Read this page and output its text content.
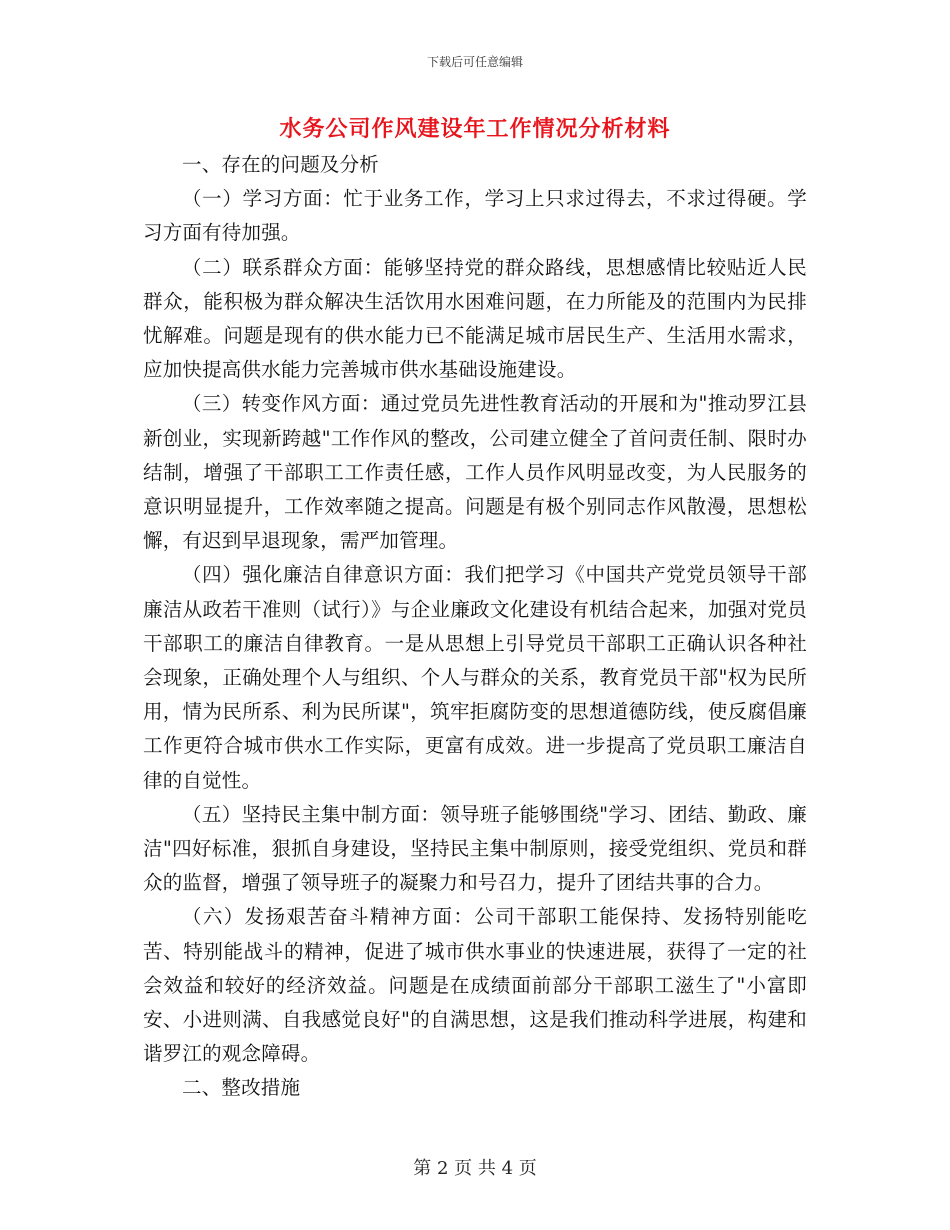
下载后可任意编辑
水务公司作风建设年工作情况分析材料

一、存在的问题及分析

（一）学习方面：忙于业务工作，学习上只求过得去，不求过得硬。学习方面有待加强。

（二）联系群众方面：能够坚持党的群众路线，思想感情比较贴近人民群众，能积极为群众解决生活饮用水困难问题，在力所能及的范围内为民排忧解难。问题是现有的供水能力已不能满足城市居民生产、生活用水需求，应加快提高供水能力完善城市供水基础设施建设。

（三）转变作风方面：通过党员先进性教育活动的开展和为"推动罗江县新创业，实现新跨越"工作作风的整改，公司建立健全了首问责任制、限时办结制，增强了干部职工工作责任感，工作人员作风明显改变，为人民服务的意识明显提升，工作效率随之提高。问题是有极个别同志作风散漫，思想松懈，有迟到早退现象，需严加管理。

（四）强化廉洁自律意识方面：我们把学习《中国共产党党员领导干部廉洁从政若干准则（试行）》与企业廉政文化建设有机结合起来，加强对党员干部职工的廉洁自律教育。一是从思想上引导党员干部职工正确认识各种社会现象，正确处理个人与组织、个人与群众的关系，教育党员干部"权为民所用，情为民所系、利为民所谋"，筑牢拒腐防变的思想道德防线，使反腐倡廉工作更符合城市供水工作实际，更富有成效。进一步提高了党员职工廉洁自律的自觉性。

（五）坚持民主集中制方面：领导班子能够围绕"学习、团结、勤政、廉洁"四好标准，狠抓自身建设，坚持民主集中制原则，接受党组织、党员和群众的监督，增强了领导班子的凝聚力和号召力，提升了团结共事的合力。

（六）发扬艰苦奋斗精神方面：公司干部职工能保持、发扬特别能吃苦、特别能战斗的精神，促进了城市供水事业的快速进展，获得了一定的社会效益和较好的经济效益。问题是在成绩面前部分干部职工滋生了"小富即安、小进则满、自我感觉良好"的自满思想，这是我们推动科学进展，构建和谐罗江的观念障碍。

二、整改措施

第 2 页 共 4 页
